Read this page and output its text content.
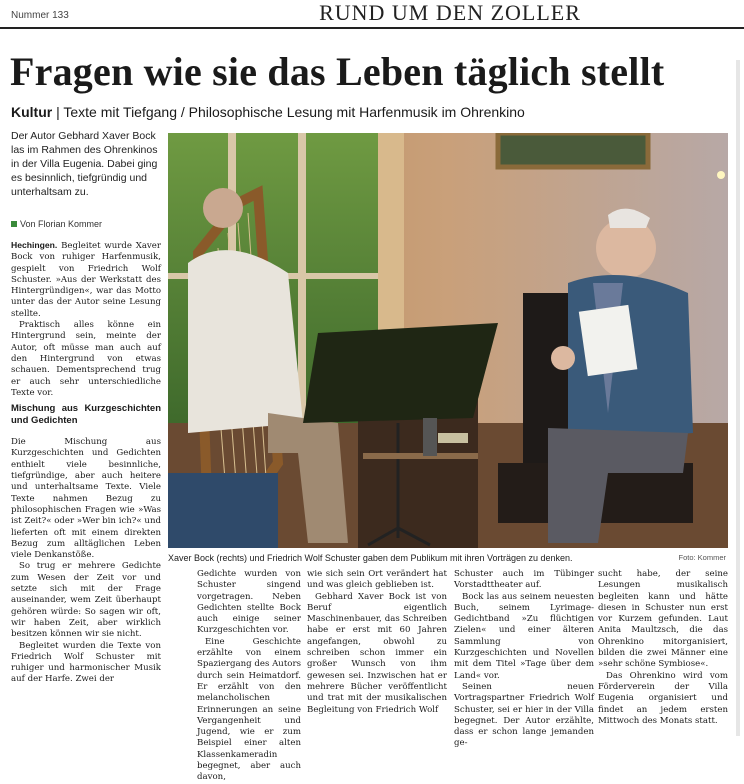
Nummer 133	RUND UM DEN ZOLLER
Fragen wie sie das Leben täglich stellt
Kultur | Texte mit Tiefgang / Philosophische Lesung mit Harfenmusik im Ohrenkino
Der Autor Gebhard Xaver Bock las im Rahmen des Ohrenkinos in der Villa Eugenia. Dabei ging es besinnlich, tiefgründig und unterhaltsam zu.
Von Florian Kommer

Hechingen. Begleitet wurde Xaver Bock von ruhiger Harfenmusik, gespielt von Friedrich Wolf Schuster. »Aus der Werkstatt des Hintergründigen«, war das Motto unter das der Autor seine Lesung stellte.

Praktisch alles könne ein Hintergrund sein, meinte der Autor, oft müsse man auch auf den Hintergrund von etwas schauen. Dementsprechend trug er auch sehr unterschiedliche Texte vor.

Mischung aus Kurzgeschichten und Gedichten

Die Mischung aus Kurzgeschichten und Gedichten enthielt viele besinnliche, tiefgründige, aber auch heitere und unterhaltsame Texte. Viele Texte nahmen Bezug zu philosophischen Fragen wie »Was ist Zeit?« oder »Wer bin ich?« und lieferten oft mit einem direkten Bezug zum alltäglichen Leben viele Denkanstöße.

So trug er mehrere Gedichte zum Wesen der Zeit vor und setzte sich mit der Frage auseinander, wem Zeit überhaupt gehören würde: So sagen wir oft, wir haben Zeit, aber wirklich besitzen können wir sie nicht.

Begleitet wurden die Texte von Friedrich Wolf Schuster mit ruhiger und harmonischer Musik auf der Harfe. Zwei der

Xaver Bock (rechts) und Friedrich Wolf Schuster gaben dem Publikum mit ihren Vorträgen zu denken.	Foto: Kommer

Gedichte wurden von Schuster singend vorgetragen. Neben Gedichten stellte Bock auch einige seiner Kurzgeschichten vor.

Eine Geschichte erzählte von einem Spaziergang des Autors durch sein Heimatdorf. Er erzählt von den melancholischen Erinnerungen an seine Vergangenheit und Jugend, wie er zum Beispiel einer alten Klassenkameradin begegnet, aber auch davon,

wie sich sein Ort verändert hat und was gleich geblieben ist.

Gebhard Xaver Bock ist von Beruf eigentlich Maschinenbauer, das Schreiben habe er erst mit 60 Jahren angefangen, obwohl zu schreiben schon immer ein großer Wunsch von ihm gewesen sei. Inzwischen hat er mehrere Bücher veröffentlicht und trat mit der musikalischen Begleitung von Friedrich Wolf

Schuster auch im Tübinger Vorstadttheater auf.

Bock las aus seinem neuesten Buch, seinem Lyrimage-Gedichtband »Zu flüchtigen Zielen« und einer älteren Sammlung von Kurzgeschichten und Novellen mit dem Titel »Tage über dem Land« vor.

Seinen neuen Vortragspartner Friedrich Wolf Schuster, sei er hier in der Villa begegnet. Der Autor erzählte, dass er schon lange jemanden ge-

sucht habe, der seine Lesungen musikalisch begleiten kann und hätte diesen in Schuster nun erst vor Kurzem gefunden. Laut Anita Maultzsch, die das Ohrenkino mitorganisiert, bilden die zwei Männer eine »sehr schöne Symbiose«.

Das Ohrenkino wird vom Förderverein der Villa Eugenia organisiert und findet an jedem ersten Mittwoch des Monats statt.
